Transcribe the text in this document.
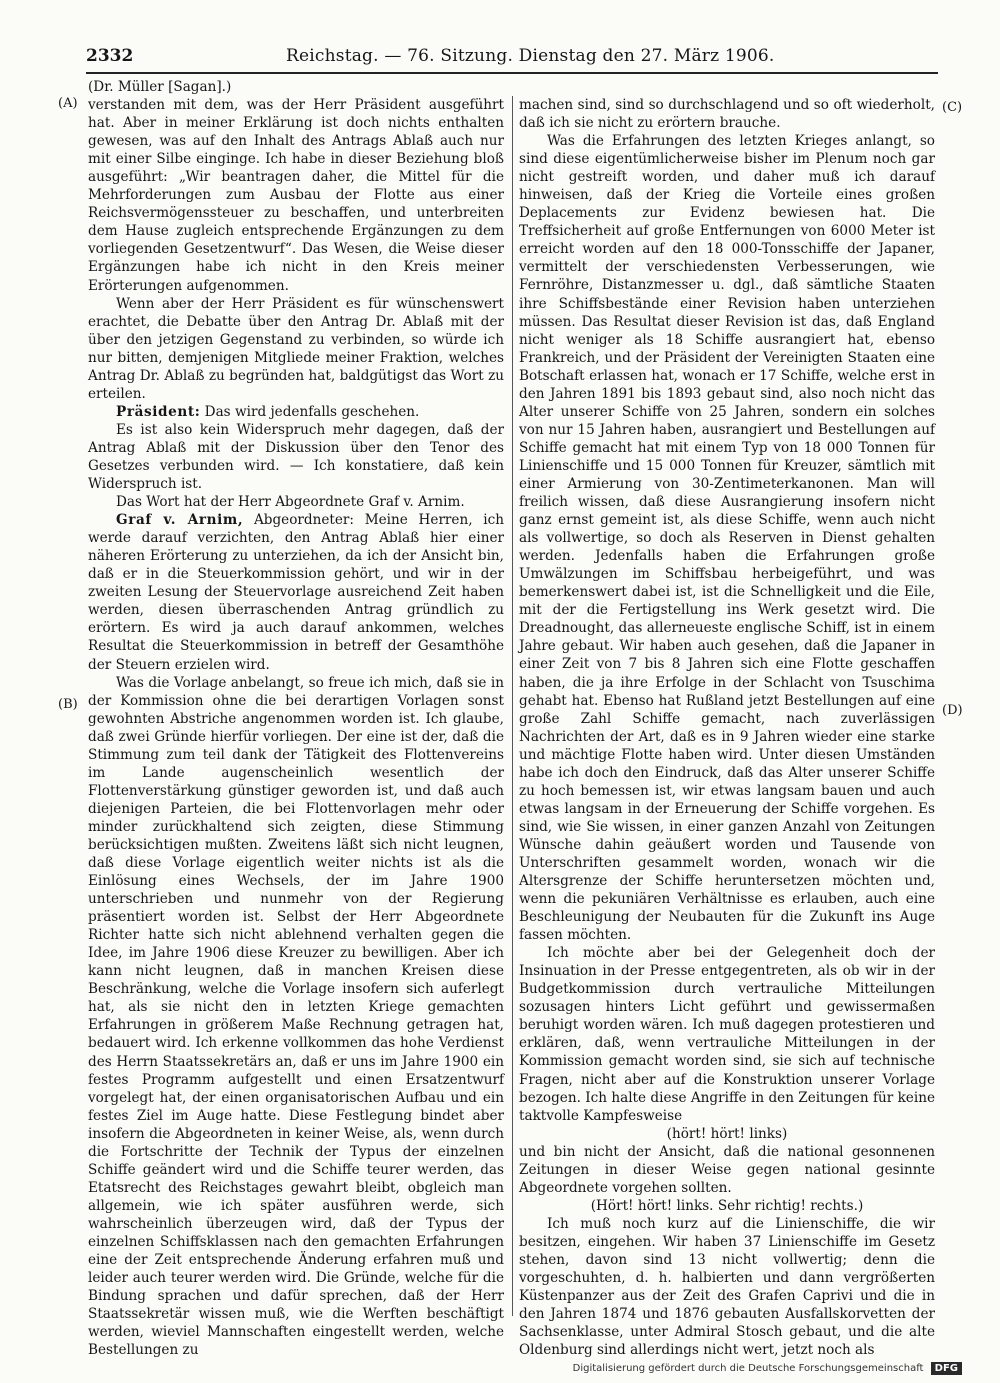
2332	Reichstag. — 76. Sitzung. Dienstag den 27. März 1906.
(A)
(B)
(C)
(D)

(Dr. Müller [Sagan].)

verstanden mit dem, was der Herr Präsident ausgeführt hat. Aber in meiner Erklärung ist doch nichts enthalten gewesen, was auf den Inhalt des Antrags Ablaß auch nur mit einer Silbe einginge. Ich habe in dieser Beziehung bloß ausgeführt: „Wir beantragen daher, die Mittel für die Mehrforderungen zum Ausbau der Flotte aus einer Reichsvermögenssteuer zu beschaffen, und unterbreiten dem Hause zugleich entsprechende Ergänzungen zu dem vorliegenden Gesetzentwurf“. Das Wesen, die Weise dieser Ergänzungen habe ich nicht in den Kreis meiner Erörterungen aufgenommen.

Wenn aber der Herr Präsident es für wünschenswert erachtet, die Debatte über den Antrag Dr. Ablaß mit der über den jetzigen Gegenstand zu verbinden, so würde ich nur bitten, demjenigen Mitgliede meiner Fraktion, welches Antrag Dr. Ablaß zu begründen hat, baldgütigst das Wort zu erteilen.

Präsident: Das wird jedenfalls geschehen.

Es ist also kein Widerspruch mehr dagegen, daß der Antrag Ablaß mit der Diskussion über den Tenor des Gesetzes verbunden wird. — Ich konstatiere, daß kein Widerspruch ist.

Das Wort hat der Herr Abgeordnete Graf v. Arnim.

Graf v. Arnim, Abgeordneter: Meine Herren, ich werde darauf verzichten, den Antrag Ablaß hier einer näheren Erörterung zu unterziehen, da ich der Ansicht bin, daß er in die Steuerkommission gehört, und wir in der zweiten Lesung der Steuervorlage ausreichend Zeit haben werden, diesen überraschenden Antrag gründlich zu erörtern. Es wird ja auch darauf ankommen, welches Resultat die Steuerkommission in betreff der Gesamthöhe der Steuern erzielen wird.

Was die Vorlage anbelangt, so freue ich mich, daß sie in der Kommission ohne die bei derartigen Vorlagen sonst gewohnten Abstriche angenommen worden ist. Ich glaube, daß zwei Gründe hierfür vorliegen. Der eine ist der, daß die Stimmung zum teil dank der Tätigkeit des Flottenvereins im Lande augenscheinlich wesentlich der Flottenverstärkung günstiger geworden ist, und daß auch diejenigen Parteien, die bei Flottenvorlagen mehr oder minder zurückhaltend sich zeigten, diese Stimmung berücksichtigen mußten. Zweitens läßt sich nicht leugnen, daß diese Vorlage eigentlich weiter nichts ist als die Einlösung eines Wechsels, der im Jahre 1900 unterschrieben und nunmehr von der Regierung präsentiert worden ist. Selbst der Herr Abgeordnete Richter hatte sich nicht ablehnend verhalten gegen die Idee, im Jahre 1906 diese Kreuzer zu bewilligen. Aber ich kann nicht leugnen, daß in manchen Kreisen diese Beschränkung, welche die Vorlage insofern sich auferlegt hat, als sie nicht den in letzten Kriege gemachten Erfahrungen in größerem Maße Rechnung getragen hat, bedauert wird. Ich erkenne vollkommen das hohe Verdienst des Herrn Staatssekretärs an, daß er uns im Jahre 1900 ein festes Programm aufgestellt und einen Ersatzentwurf vorgelegt hat, der einen organisatorischen Aufbau und ein festes Ziel im Auge hatte. Diese Festlegung bindet aber insofern die Abgeordneten in keiner Weise, als, wenn durch die Fortschritte der Technik der Typus der einzelnen Schiffe geändert wird und die Schiffe teurer werden, das Etatsrecht des Reichstages gewahrt bleibt, obgleich man allgemein, wie ich später ausführen werde, sich wahrscheinlich überzeugen wird, daß der Typus der einzelnen Schiffsklassen nach den gemachten Erfahrungen eine der Zeit entsprechende Änderung erfahren muß und leider auch teurer werden wird. Die Gründe, welche für die Bindung sprachen und dafür sprechen, daß der Herr Staatssekretär wissen muß, wie die Werften beschäftigt werden, wieviel Mannschaften eingestellt werden, welche Bestellungen zu

machen sind, sind so durchschlagend und so oft wiederholt, daß ich sie nicht zu erörtern brauche.

Was die Erfahrungen des letzten Krieges anlangt, so sind diese eigentümlicherweise bisher im Plenum noch gar nicht gestreift worden, und daher muß ich darauf hinweisen, daß der Krieg die Vorteile eines großen Deplacements zur Evidenz bewiesen hat. Die Treffsicherheit auf große Entfernungen von 6000 Meter ist erreicht worden auf den 18 000-Tonsschiffe der Japaner, vermittelt der verschiedensten Verbesserungen, wie Fernröhre, Distanzmesser u. dgl., daß sämtliche Staaten ihre Schiffsbestände einer Revision haben unterziehen müssen. Das Resultat dieser Revision ist das, daß England nicht weniger als 18 Schiffe ausrangiert hat, ebenso Frankreich, und der Präsident der Vereinigten Staaten eine Botschaft erlassen hat, wonach er 17 Schiffe, welche erst in den Jahren 1891 bis 1893 gebaut sind, also noch nicht das Alter unserer Schiffe von 25 Jahren, sondern ein solches von nur 15 Jahren haben, ausrangiert und Bestellungen auf Schiffe gemacht hat mit einem Typ von 18 000 Tonnen für Linienschiffe und 15 000 Tonnen für Kreuzer, sämtlich mit einer Armierung von 30-Zentimeterkanonen. Man will freilich wissen, daß diese Ausrangierung insofern nicht ganz ernst gemeint ist, als diese Schiffe, wenn auch nicht als vollwertige, so doch als Reserven in Dienst gehalten werden. Jedenfalls haben die Erfahrungen große Umwälzungen im Schiffsbau herbeigeführt, und was bemerkenswert dabei ist, ist die Schnelligkeit und die Eile, mit der die Fertigstellung ins Werk gesetzt wird. Die Dreadnought, das allerneueste englische Schiff, ist in einem Jahre gebaut. Wir haben auch gesehen, daß die Japaner in einer Zeit von 7 bis 8 Jahren sich eine Flotte geschaffen haben, die ja ihre Erfolge in der Schlacht von Tsuschima gehabt hat. Ebenso hat Rußland jetzt Bestellungen auf eine große Zahl Schiffe gemacht, nach zuverlässigen Nachrichten der Art, daß es in 9 Jahren wieder eine starke und mächtige Flotte haben wird. Unter diesen Umständen habe ich doch den Eindruck, daß das Alter unserer Schiffe zu hoch bemessen ist, wir etwas langsam bauen und auch etwas langsam in der Erneuerung der Schiffe vorgehen. Es sind, wie Sie wissen, in einer ganzen Anzahl von Zeitungen Wünsche dahin geäußert worden und Tausende von Unterschriften gesammelt worden, wonach wir die Altersgrenze der Schiffe heruntersetzen möchten und, wenn die pekuniären Verhältnisse es erlauben, auch eine Beschleunigung der Neubauten für die Zukunft ins Auge fassen möchten.

Ich möchte aber bei der Gelegenheit doch der Insinuation in der Presse entgegentreten, als ob wir in der Budgetkommission durch vertrauliche Mitteilungen sozusagen hinters Licht geführt und gewissermaßen beruhigt worden wären. Ich muß dagegen protestieren und erklären, daß, wenn vertrauliche Mitteilungen in der Kommission gemacht worden sind, sie sich auf technische Fragen, nicht aber auf die Konstruktion unserer Vorlage bezogen. Ich halte diese Angriffe in den Zeitungen für keine taktvolle Kampfesweise

(hört! hört! links)

und bin nicht der Ansicht, daß die national gesonnenen Zeitungen in dieser Weise gegen national gesinnte Abgeordnete vorgehen sollten.

(Hört! hört! links. Sehr richtig! rechts.)

Ich muß noch kurz auf die Linienschiffe, die wir besitzen, eingehen. Wir haben 37 Linienschiffe im Gesetz stehen, davon sind 13 nicht vollwertig; denn die vorgeschuhten, d. h. halbierten und dann vergrößerten Küstenpanzer aus der Zeit des Grafen Caprivi und die in den Jahren 1874 und 1876 gebauten Ausfallskorvetten der Sachsenklasse, unter Admiral Stosch gebaut, und die alte Oldenburg sind allerdings nicht wert, jetzt noch als

Digitalisierung gefördert durch die Deutsche Forschungsgemeinschaft DFG
